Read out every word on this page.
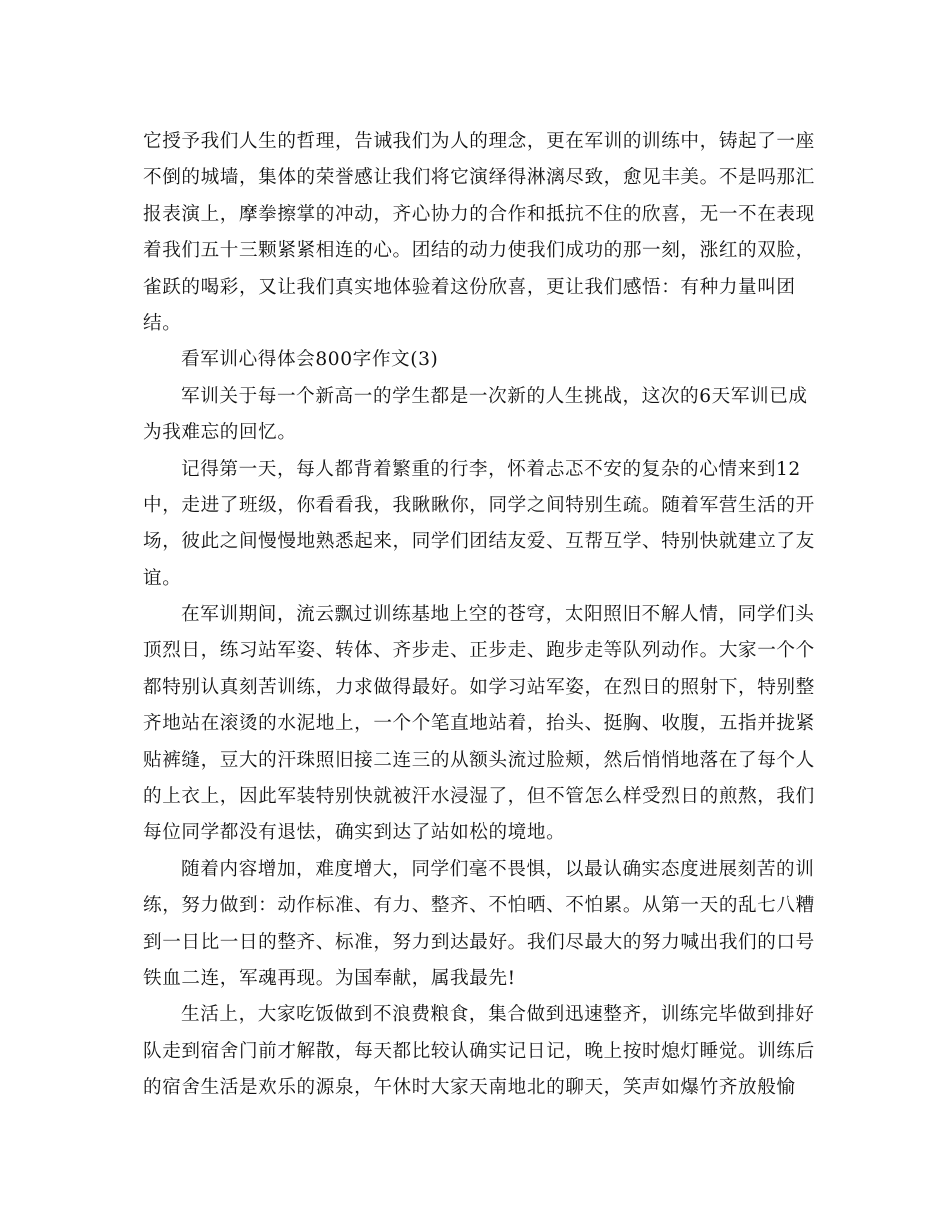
它授予我们人生的哲理，告诫我们为人的理念，更在军训的训练中，铸起了一座
不倒的城墙，集体的荣誉感让我们将它演绎得淋漓尽致，愈见丰美。不是吗那汇
报表演上，摩拳擦掌的冲动，齐心协力的合作和抵抗不住的欣喜，无一不在表现
着我们五十三颗紧紧相连的心。团结的动力使我们成功的那一刻，涨红的双脸，
雀跃的喝彩，又让我们真实地体验着这份欣喜，更让我们感悟：有种力量叫团
结。
看军训心得体会800字作文(3)
军训关于每一个新高一的学生都是一次新的人生挑战，这次的6天军训已成
为我难忘的回忆。
记得第一天，每人都背着繁重的行李，怀着忐忑不安的复杂的心情来到12
中，走进了班级，你看看我，我瞅瞅你，同学之间特别生疏。随着军营生活的开
场，彼此之间慢慢地熟悉起来，同学们团结友爱、互帮互学、特别快就建立了友
谊。
在军训期间，流云飘过训练基地上空的苍穹，太阳照旧不解人情，同学们头
顶烈日，练习站军姿、转体、齐步走、正步走、跑步走等队列动作。大家一个个
都特别认真刻苦训练，力求做得最好。如学习站军姿，在烈日的照射下，特别整
齐地站在滚烫的水泥地上，一个个笔直地站着，抬头、挺胸、收腹，五指并拢紧
贴裤缝，豆大的汗珠照旧接二连三的从额头流过脸颊，然后悄悄地落在了每个人
的上衣上，因此军装特别快就被汗水浸湿了，但不管怎么样受烈日的煎熬，我们
每位同学都没有退怯，确实到达了站如松的境地。
随着内容增加，难度增大，同学们毫不畏惧，以最认确实态度进展刻苦的训
练，努力做到：动作标准、有力、整齐、不怕晒、不怕累。从第一天的乱七八糟
到一日比一日的整齐、标准，努力到达最好。我们尽最大的努力喊出我们的口号
铁血二连，军魂再现。为国奉献，属我最先!
生活上，大家吃饭做到不浪费粮食，集合做到迅速整齐，训练完毕做到排好
队走到宿舍门前才解散，每天都比较认确实记日记，晚上按时熄灯睡觉。训练后
的宿舍生活是欢乐的源泉，午休时大家天南地北的聊天，笑声如爆竹齐放般愉
